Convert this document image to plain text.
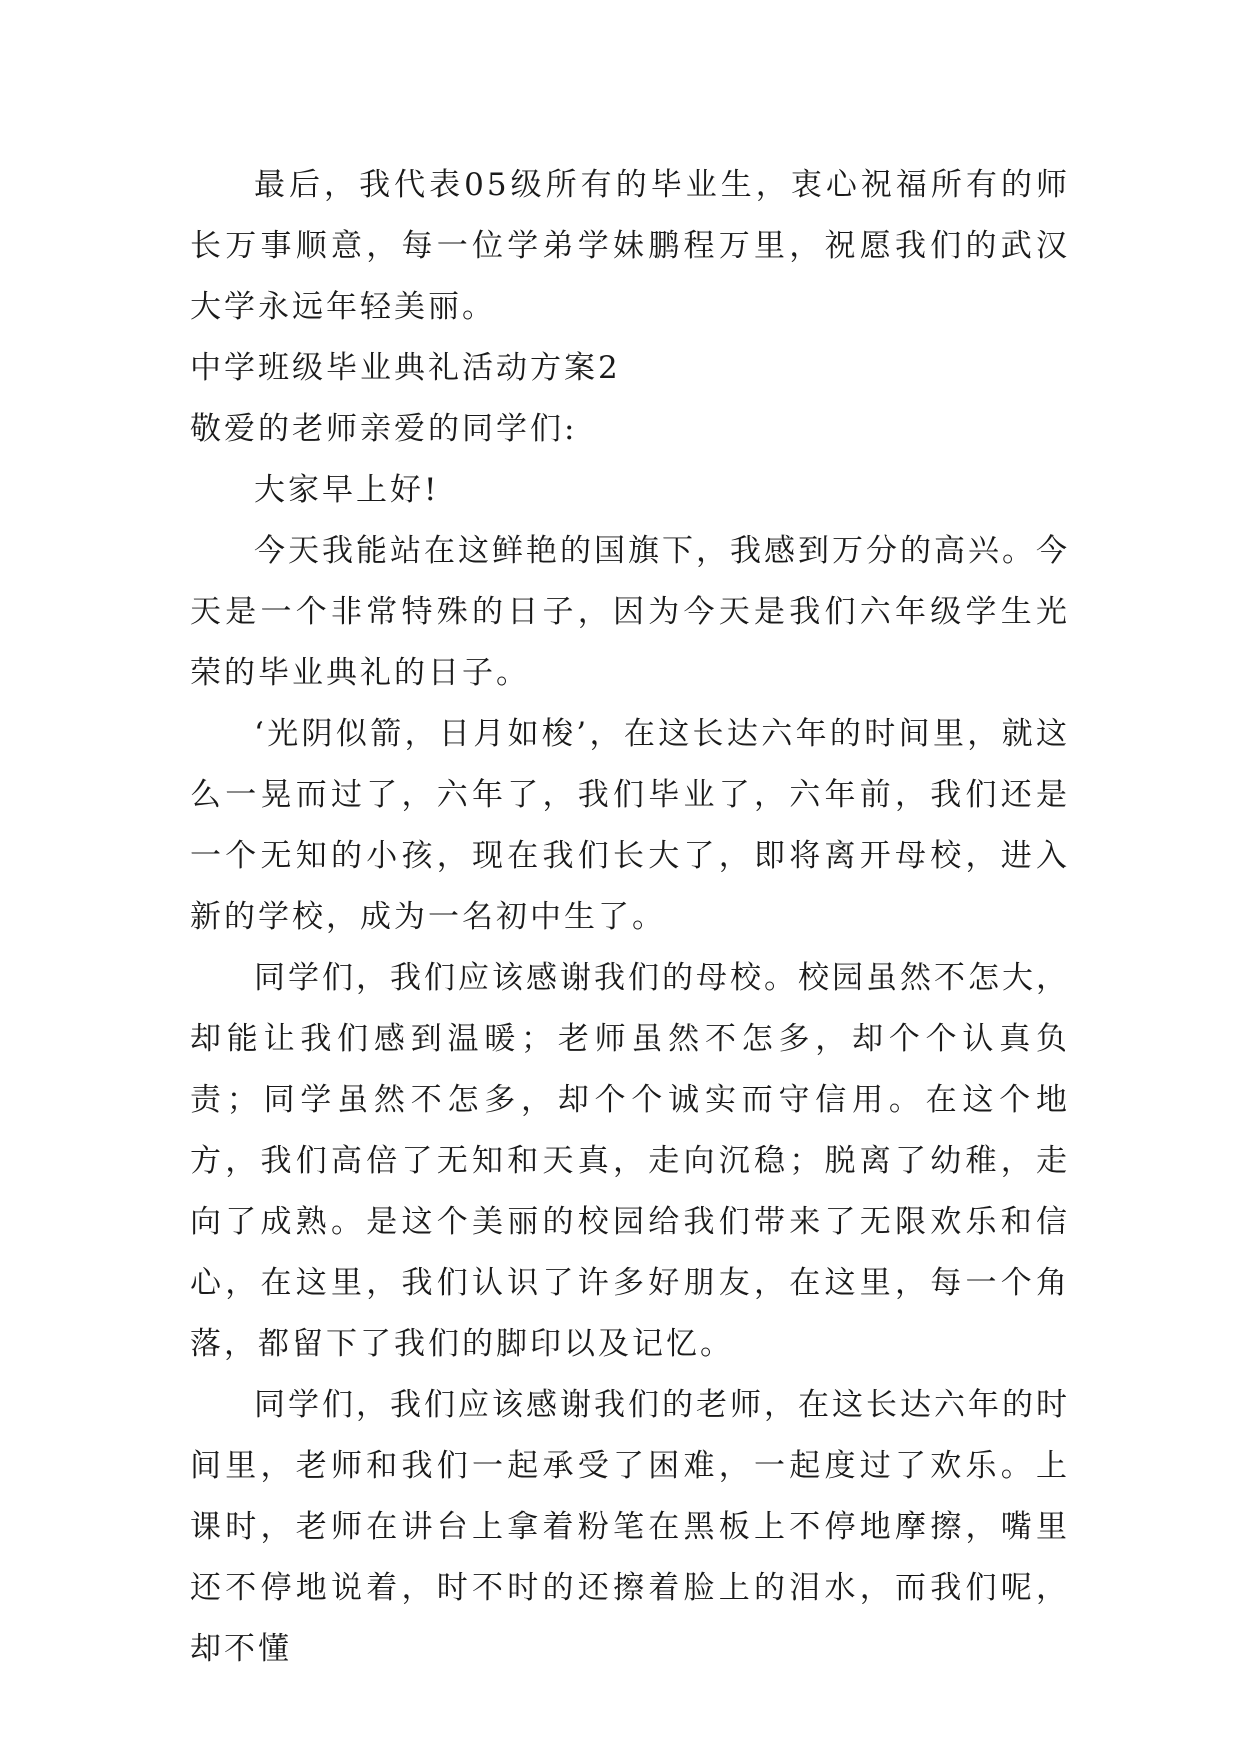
最后，我代表05级所有的毕业生，衷心祝福所有的师长万事顺意，每一位学弟学妹鹏程万里，祝愿我们的武汉大学永远年轻美丽。

中学班级毕业典礼活动方案2

敬爱的老师亲爱的同学们:

大家早上好!

今天我能站在这鲜艳的国旗下，我感到万分的高兴。今天是一个非常特殊的日子，因为今天是我们六年级学生光荣的毕业典礼的日子。

‘光阴似箭，日月如梭’，在这长达六年的时间里，就这么一晃而过了，六年了，我们毕业了，六年前，我们还是一个无知的小孩，现在我们长大了，即将离开母校，进入新的学校，成为一名初中生了。

同学们，我们应该感谢我们的母校。校园虽然不怎大，却能让我们感到温暖；老师虽然不怎多，却个个认真负责；同学虽然不怎多，却个个诚实而守信用。在这个地方，我们高倍了无知和天真，走向沉稳；脱离了幼稚，走向了成熟。是这个美丽的校园给我们带来了无限欢乐和信心，在这里，我们认识了许多好朋友，在这里，每一个角落，都留下了我们的脚印以及记忆。

同学们，我们应该感谢我们的老师，在这长达六年的时间里，老师和我们一起承受了困难，一起度过了欢乐。上课时，老师在讲台上拿着粉笔在黑板上不停地摩擦，嘴里还不停地说着，时不时的还擦着脸上的泪水，而我们呢，却不懂
